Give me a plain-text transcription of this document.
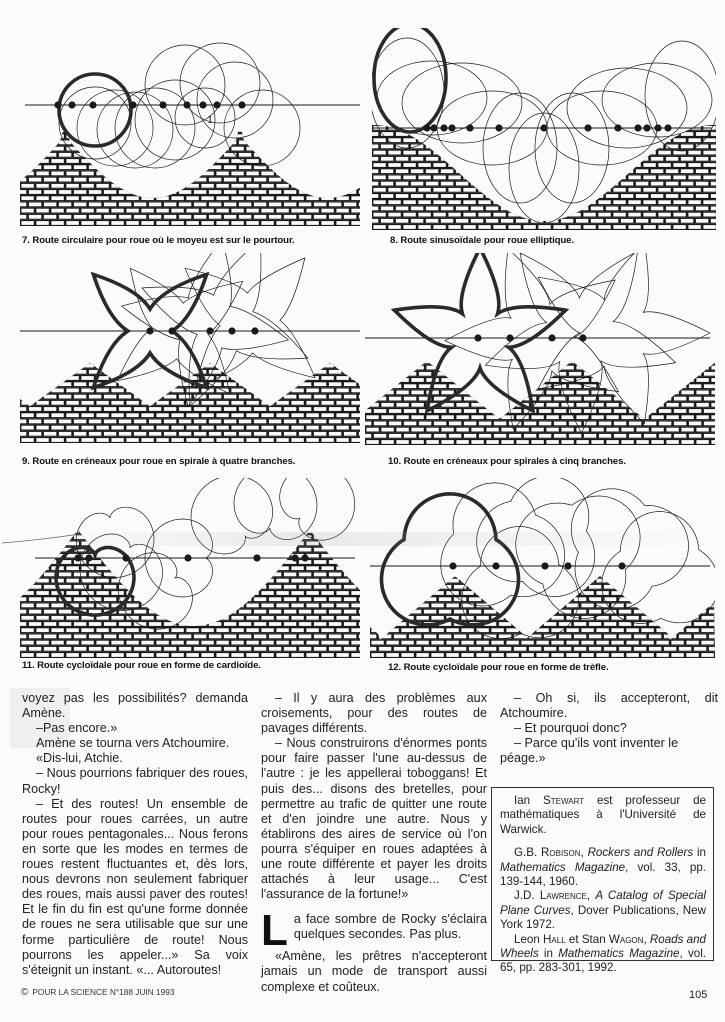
1
7. Route circulaire pour roue où le moyeu est sur le pourtour.	8. Route sinusoïdale pour roue elliptique.
9. Route en créneaux pour roue en spirale à quatre branches.	10. Route en créneaux pour spirales à cinq branches.
11. Route cycloïdale pour roue en forme de cardioïde.	12. Route cycloïdale pour roue en forme de trèfle.

voyez pas les possibilités? demanda Amène.

–Pas encore.»

Amène se tourna vers Atchoumire.

«Dis-lui, Atchie.

– Nous pourrions fabriquer des roues, Rocky!

– Et des routes! Un ensemble de routes pour roues carrées, un autre pour roues pentagonales... Nous ferons en sorte que les modes en termes de roues restent fluctuantes et, dès lors, nous devrons non seulement fabriquer des roues, mais aussi paver des routes! Et le fin du fin est qu'une forme donnée de roues ne sera utilisable que sur une forme particulière de route! Nous pourrons les appeler...» Sa voix s'éteignit un instant. «... Autoroutes!

– Il y aura des problèmes aux croisements, pour des routes de pavages différents.

– Nous construirons d'énormes ponts pour faire passer l'une au-dessus de l'autre : je les appellerai toboggans! Et puis des... disons des bretelles, pour permettre au trafic de quitter une route et d'en joindre une autre. Nous y établirons des aires de service où l'on pourra s'équiper en roues adaptées à une route différente et payer les droits attachés à leur usage... C'est l'assurance de la fortune!»

L a face sombre de Rocky s'éclaira quelques secondes. Pas plus.

«Amène, les prêtres n'accepteront jamais un mode de transport aussi complexe et coûteux.

– Oh si, ils accepteront, dit Atchoumire.

– Et pourquoi donc?

– Parce qu'ils vont inventer le péage.»

Ian Stewart est professeur de mathématiques à l'Université de Warwick.

G.B. Robison, Rockers and Rollers in Mathematics Magazine, vol. 33, pp. 139-144, 1960.

J.D. Lawrence, A Catalog of Special Plane Curves, Dover Publications, New York 1972.

Leon Hall et Stan Wagon, Roads and Wheels in Mathematics Magazine, vol. 65, pp. 283-301, 1992.

© POUR LA SCIENCE N°188 JUIN 1993	105
